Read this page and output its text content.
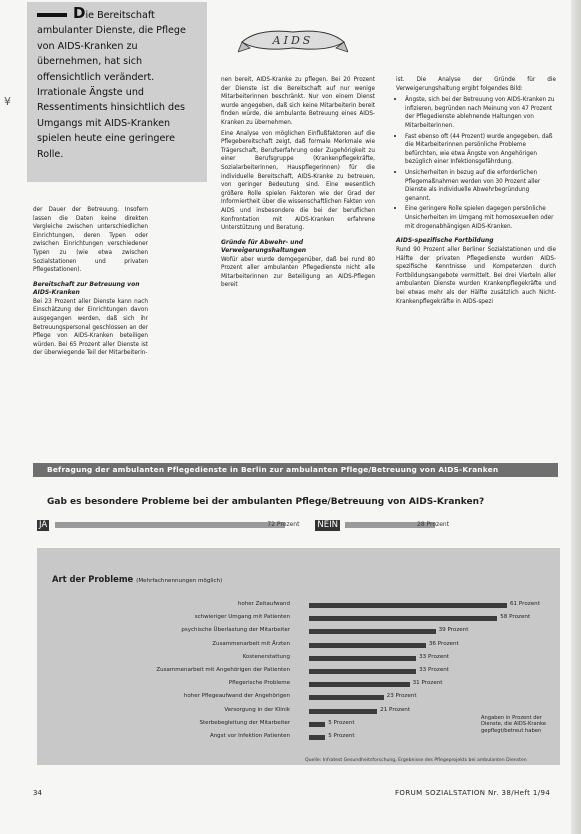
Die Bereitschaft ambulanter Dienste, die Pflege von AIDS-Kranken zu übernehmen, hat sich offensichtlich verändert. Irrationale Ängste und Ressentiments hinsichtlich des Umgangs mit AIDS-Kranken spielen heute eine geringere Rolle.

AIDS
¥

der Dauer der Betreuung. Insofern lassen die Daten keine direkten Vergleiche zwischen unterschiedlichen Einrichtungen, deren Typen oder zwischen Einrichtungen verschiedener Typen zu (wie etwa zwischen Sozialstationen und privaten Pflegestationen).

Bereitschaft zur Betreuung von AIDS-Kranken

Bei 23 Prozent aller Dienste kann nach Einschätzung der Einrichtungen davon ausgegangen werden, daß sich ihr Betreuungspersonal geschlossen an der Pflege von AIDS-Kranken beteiligen würden. Bei 65 Prozent aller Dienste ist der überwiegende Teil der Mitarbeiterin-

nen bereit, AIDS-Kranke zu pflegen. Bei 20 Prozent der Dienste ist die Bereitschaft auf nur wenige Mitarbeiterinnen beschränkt. Nur von einem Dienst wurde angegeben, daß sich keine Mitarbeiterin bereit finden würde, die ambulante Betreuung eines AIDS-Kranken zu übernehmen.

Eine Analyse von möglichen Einflußfaktoren auf die Pflegebereitschaft zeigt, daß formale Merkmale wie Trägerschaft, Berufserfahrung oder Zugehörigkeit zu einer Berufsgruppe (Krankenpflegekräfte, Sozialarbeiterinnen, Hauspflegerinnen) für die individuelle Bereitschaft, AIDS-Kranke zu betreuen, von geringer Bedeutung sind. Eine wesentlich größere Rolle spielen Faktoren wie der Grad der Informiertheit über die wissenschaftlichen Fakten von AIDS und insbesondere die bei der beruflichen Konfrontation mit AIDS-Kranken erfahrene Unterstützung und Beratung.

Gründe für Abwehr- und Verweigerungshaltungen

Wofür aber wurde demgegenüber, daß bei rund 80 Prozent aller ambulanten Pflegedienste nicht alle Mitarbeiterinnen zur Beteiligung an AIDS-Pflegen bereit

ist. Die Analyse der Gründe für die Verweigerungshaltung ergibt folgendes Bild:

• Ängste, sich bei der Betreuung von AIDS-Kranken zu infizieren, begründen nach Meinung von 47 Prozent der Pflegedienste ablehnende Haltungen von Mitarbeiterinnen.
• Fast ebenso oft (44 Prozent) wurde angegeben, daß die Mitarbeiterinnen persönliche Probleme befürchten, wie etwa Ängste von Angehörigen bezüglich einer Infektionsgefährdung.
• Unsicherheiten in bezug auf die erforderlichen Pflegemaßnahmen werden von 30 Prozent aller Dienste als individuelle Abwehrbegründung genannt.
• Eine geringere Rolle spielen dagegen persönliche Unsicherheiten im Umgang mit homosexuellen oder mit drogenabhängigen AIDS-Kranken.
AIDS-spezifische Fortbildung

Rund 90 Prozent aller Berliner Sozialstationen und die Hälfte der privaten Pflegedienste wurden AIDS-spezifische Kenntnisse und Kompetenzen durch Fortbildungsangebote vermittelt. Bei drei Vierteln aller ambulanten Dienste wurden Krankenpflegekräfte und bei etwas mehr als der Hälfte zusätzlich auch Nicht-Krankenpflegekräfte in AIDS-spezi

Befragung der ambulanten Pflegedienste in Berlin zur ambulanten Pflege/Betreuung von AIDS-Kranken
Gab es besondere Probleme bei der ambulanten Pflege/Betreuung von AIDS-Kranken?
JA	72 Prozent NEIN	28 Prozent
Art der Probleme (Mehrfachnennungen möglich)
hoher Zeitaufwand	61 Prozent
schwieriger Umgang mit Patienten	58 Prozent
psychische Überlastung der Mitarbeiter	39 Prozent
Zusammenarbeit mit Ärzten	36 Prozent
Kostenerstattung	33 Prozent
Zusammenarbeit mit Angehörigen der Patienten	33 Prozent
Pflegerische Probleme	31 Prozent
hoher Pflegeaufwand der Angehörigen	23 Prozent
Versorgung in der Klinik	21 Prozent
Sterbebegleitung der Mitarbeiter	5 Prozent
Angst vor Infektion Patienten	5 Prozent
Angaben in Prozent der Dienste, die AIDS-Kranke gepflegt/betreut haben
Quelle: Infratest Gesundheitsforschung, Ergebnisse des Pflegeprojekts bei ambulanten Diensten
34	FORUM SOZIALSTATION Nr. 38/Heft 1/94
